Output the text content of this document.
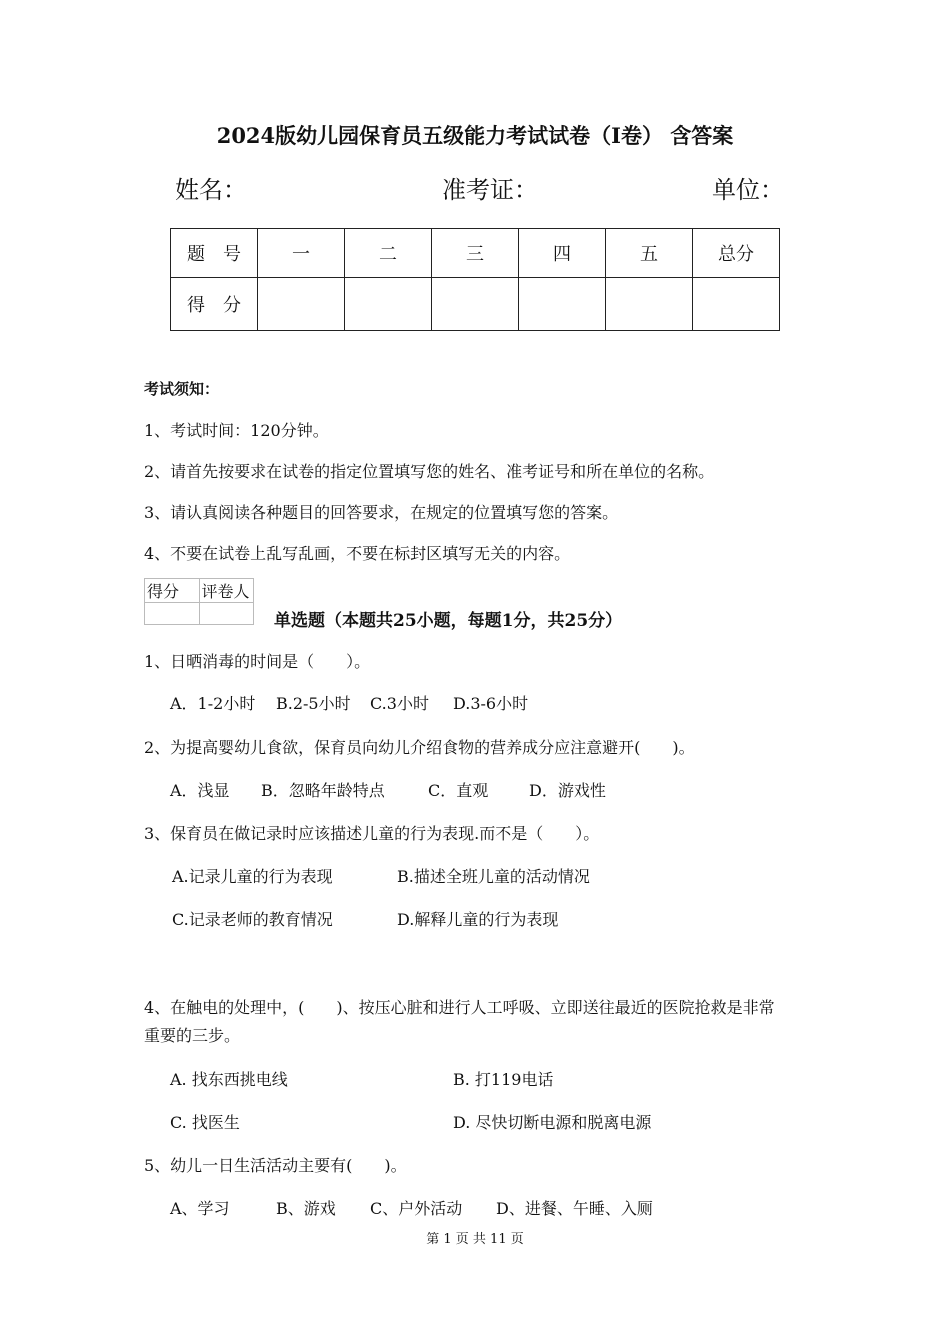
2024版幼儿园保育员五级能力考试试卷（I卷） 含答案
姓名：	准考证：	单位：
题　号	一	二	三	四	五	总分
得　分						
考试须知：
1、考试时间：120分钟。
2、请首先按要求在试卷的指定位置填写您的姓名、准考证号和所在单位的名称。
3、请认真阅读各种题目的回答要求，在规定的位置填写您的答案。
4、不要在试卷上乱写乱画，不要在标封区填写无关的内容。
得分	评卷人

单选题（本题共25小题，每题1分，共25分）
1、日晒消毒的时间是（　　）。
A．1-2小时 B.2-5小时 C.3小时 D.3-6小时
2、为提高婴幼儿食欲，保育员向幼儿介绍食物的营养成分应注意避开(　　)。
A．浅显 B．忽略年龄特点	C．直观	D．游戏性
3、保育员在做记录时应该描述儿童的行为表现.而不是（　　）。
A.记录儿童的行为表现	B.描述全班儿童的活动情况
C.记录老师的教育情况	D.解释儿童的行为表现
4、在触电的处理中，(　　)、按压心脏和进行人工呼吸、立即送往最近的医院抢救是非常
重要的三步。
A. 找东西挑电线	B. 打119电话
C. 找医生	D. 尽快切断电源和脱离电源
5、幼儿一日生活活动主要有(　　)。
A、学习	B、游戏 C、户外活动 D、进餐、午睡、入厕
第 1 页 共 11 页
